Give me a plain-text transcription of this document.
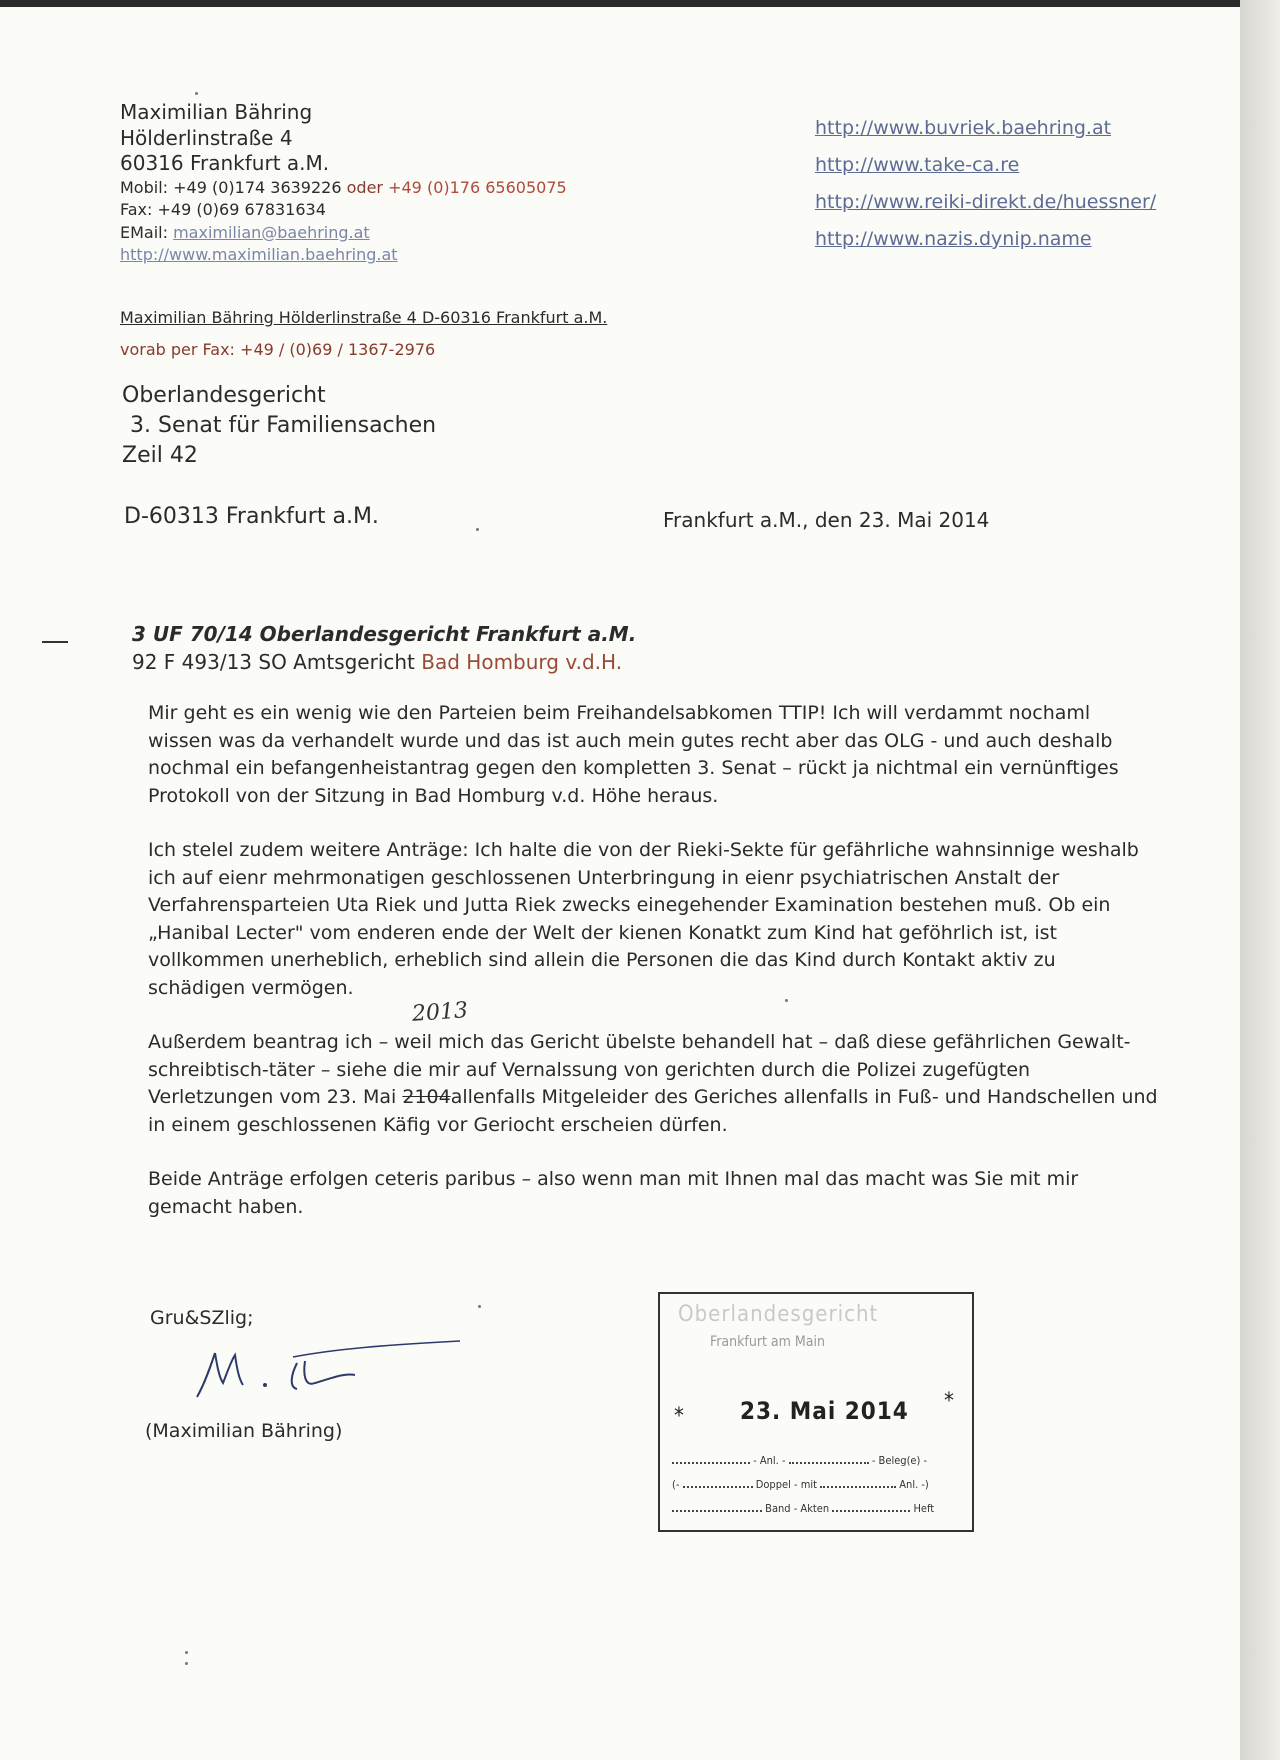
Maximilian Bähring
Hölderlinstraße 4
60316 Frankfurt a.M.
Mobil: +49 (0)174 3639226 oder +49 (0)176 65605075
Fax: +49 (0)69 67831634
EMail: maximilian@baehring.at
http://www.maximilian.baehring.at
http://www.buvriek.baehring.at
http://www.take-ca.re
http://www.reiki-direkt.de/huessner/
http://www.nazis.dynip.name
Maximilian Bähring Hölderlinstraße 4 D-60316 Frankfurt a.M.
vorab per Fax: +49 / (0)69 / 1367-2976
Oberlandesgericht
3. Senat für Familiensachen
Zeil 42
D-60313 Frankfurt a.M.	Frankfurt a.M., den 23. Mai 2014
3 UF 70/14 Oberlandesgericht Frankfurt a.M.
92 F 493/13 SO Amtsgericht Bad Homburg v.d.H.

Mir geht es ein wenig wie den Parteien beim Freihandelsabkomen TTIP! Ich will verdammt nochaml wissen was da verhandelt wurde und das ist auch mein gutes recht aber das OLG - und auch deshalb nochmal ein befangenheistantrag gegen den kompletten 3. Senat – rückt ja nichtmal ein vernünftiges Protokoll von der Sitzung in Bad Homburg v.d. Höhe heraus.

Ich stelel zudem weitere Anträge: Ich halte die von der Rieki-Sekte für gefährliche wahnsinnige weshalb ich auf eienr mehrmonatigen geschlossenen Unterbringung in eienr psychiatrischen Anstalt der Verfahrensparteien Uta Riek und Jutta Riek zwecks einegehender Examination bestehen muß. Ob ein „Hanibal Lecter" vom enderen ende der Welt der kienen Konatkt zum Kind hat geföhrlich ist, ist vollkommen unerheblich, erheblich sind allein die Personen die das Kind durch Kontakt aktiv zu schädigen vermögen.

Außerdem beantrag ich – weil mich das Gericht übelste behandell hat – daß diese gefährlichen Gewalt-schreibtisch-täter – siehe die mir auf Vernalssung von gerichten durch die Polizei zugefügten Verletzungen vom 23. Mai 2104allenfalls Mitgeleider des Geriches allenfalls in Fuß- und Handschellen und in einem geschlossenen Käfig vor Geriocht erscheien dürfen.

Beide Anträge erfolgen ceteris paribus – also wenn man mit Ihnen mal das macht was Sie mit mir gemacht haben.

2013
Gru&SZlig;
(Maximilian Bähring)
Oberlandesgericht
Frankfurt am Main
* 23. Mai 2014 *
- Anl. -	- Beleg(e) -
(-	Doppel - mit	Anl. -)
Band - Akten	Heft
